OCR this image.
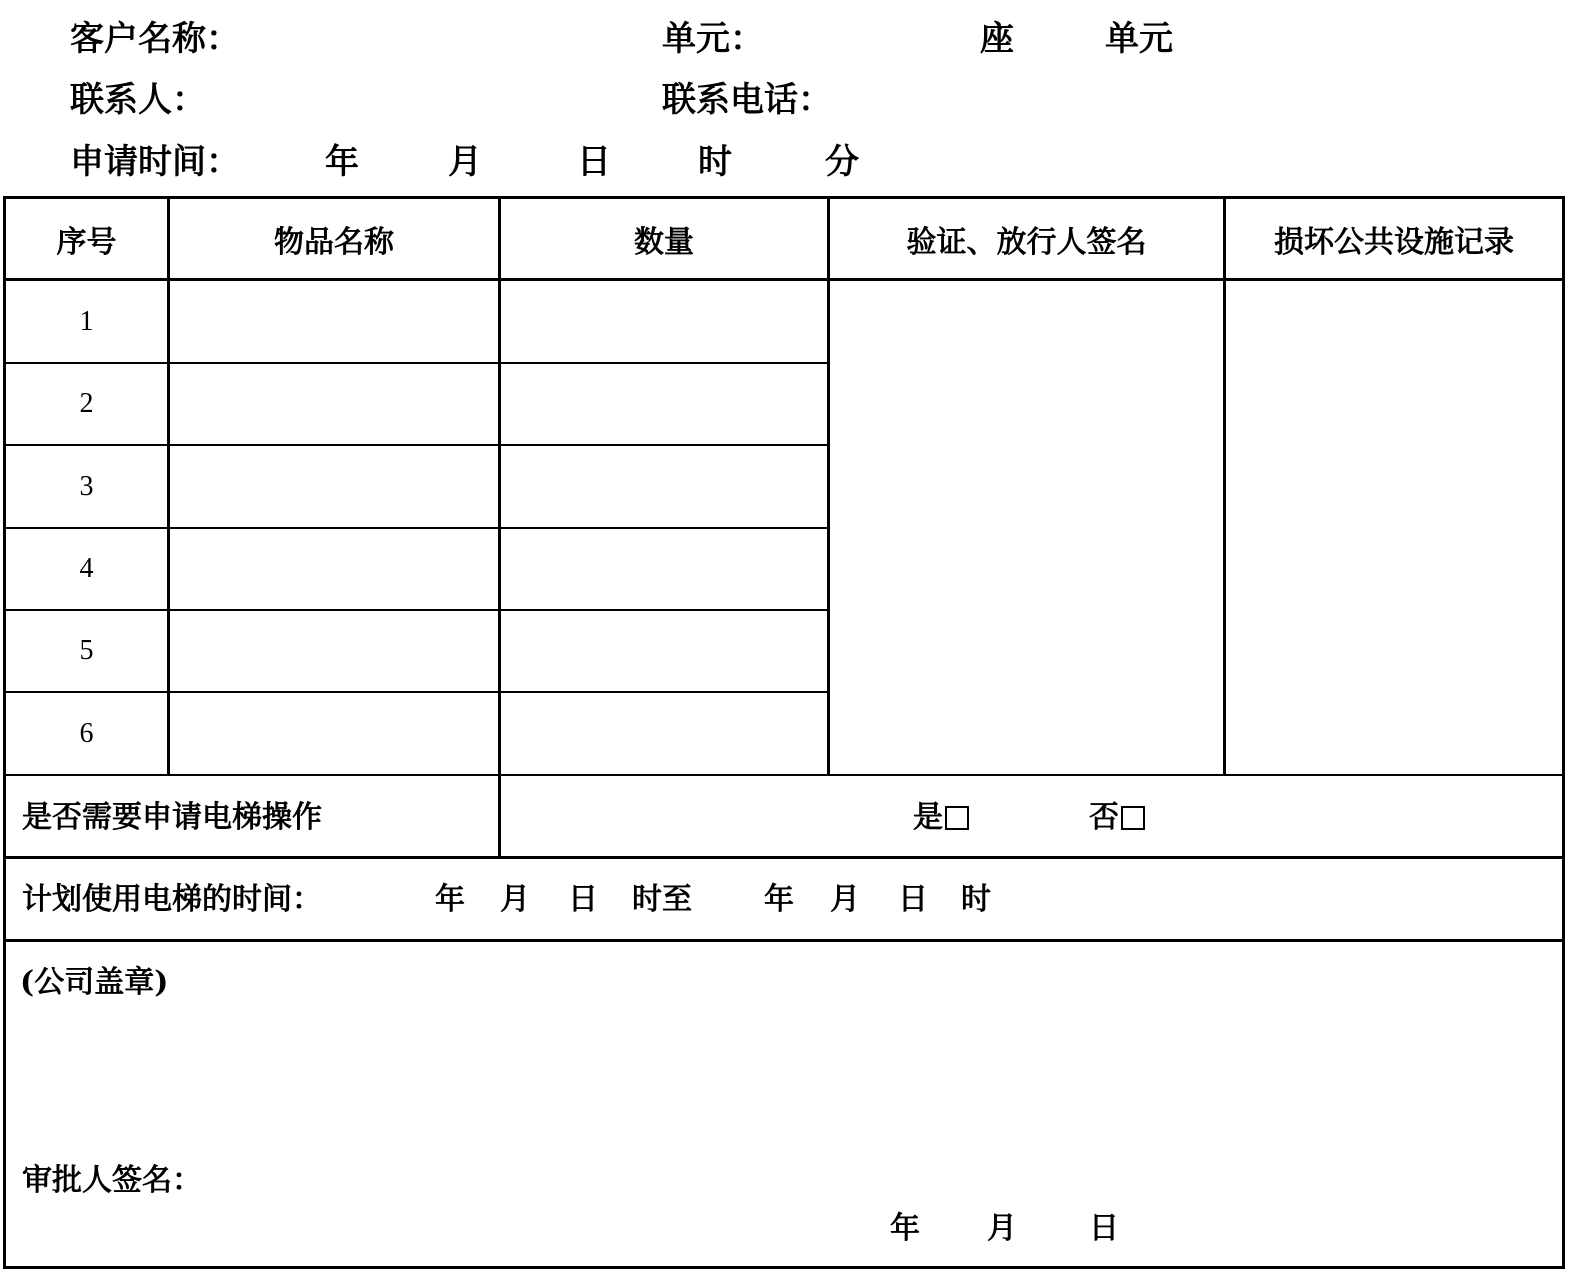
客户名称：	单元：	座	单元
联系人：	联系电话：
申请时间：	年	月	日	时	分
序号	物品名称	数量	验证、放行人签名	损坏公共设施记录
1
2
3
4
5
6
是否需要申请电梯操作	是	否
计划使用电梯的时间：	年 月 日 时至 年 月 日 时
(公司盖章)
审批人签名：
年 月 日
